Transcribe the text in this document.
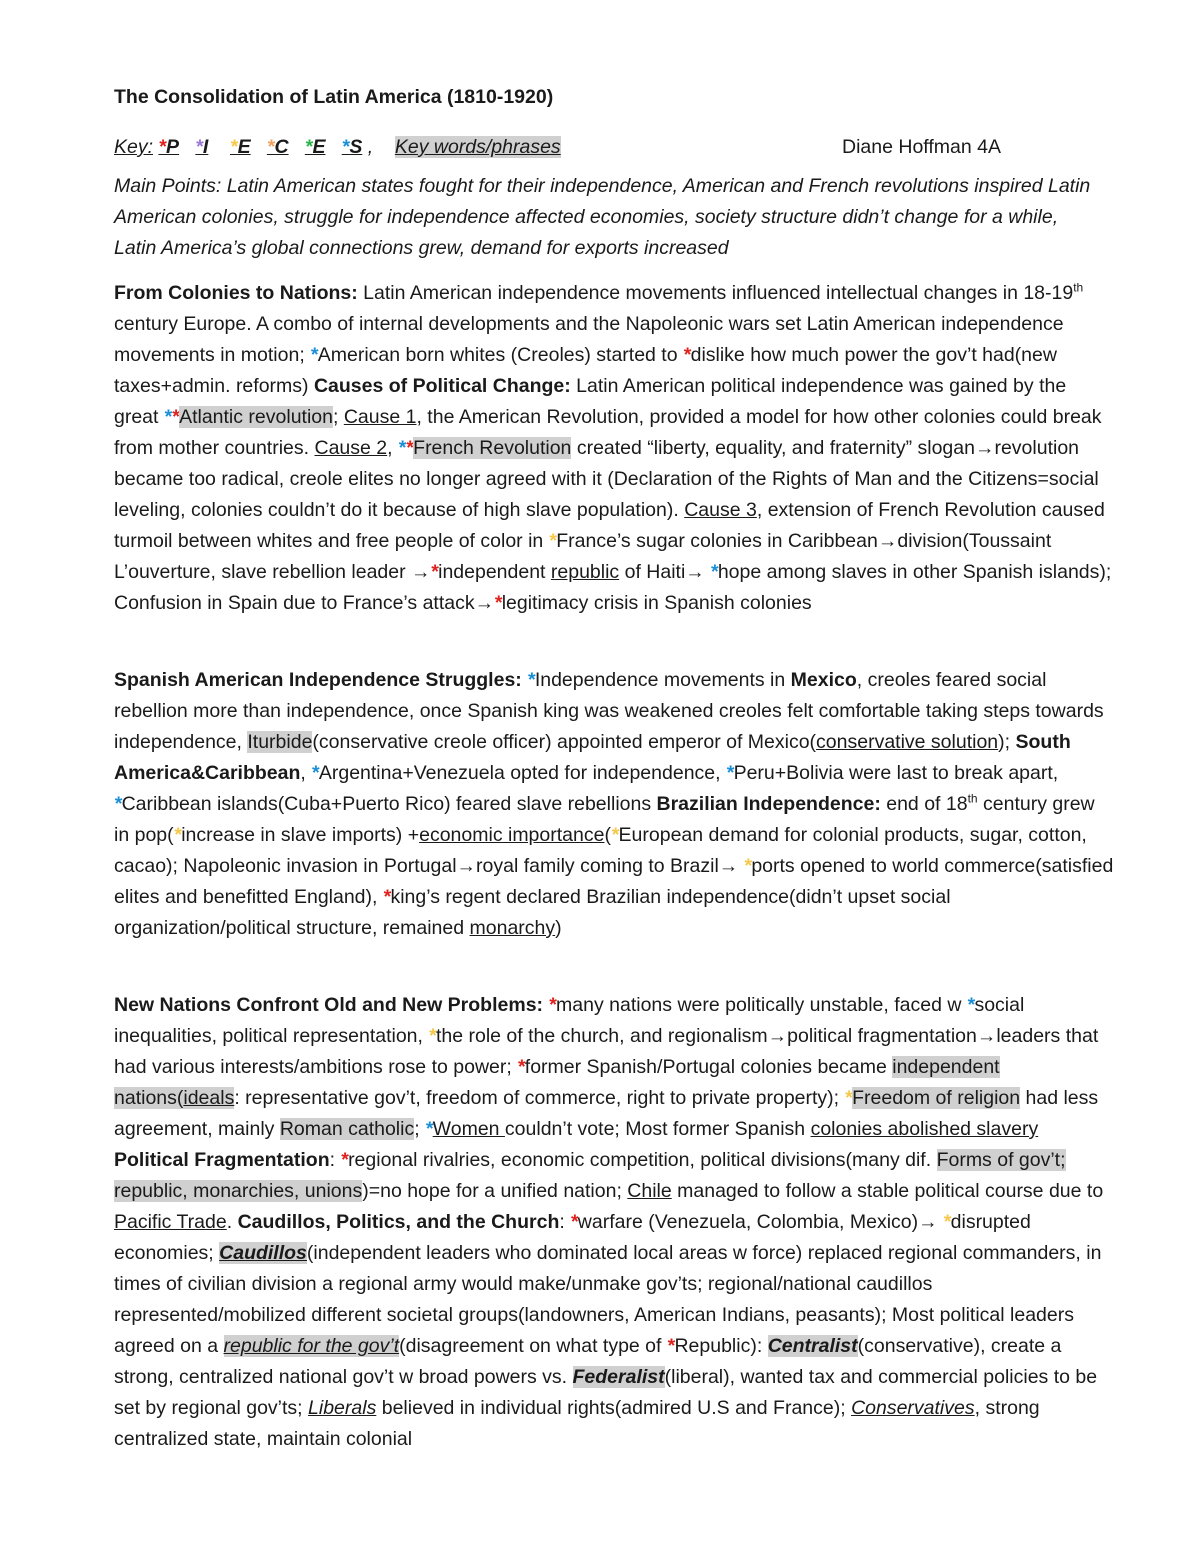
The Consolidation of Latin America (1810-1920)
Key: *P *I *E *C *E *S , Key words/phrases	Diane Hoffman 4A
Main Points: Latin American states fought for their independence, American and French revolutions inspired Latin American colonies, struggle for independence affected economies, society structure didn’t change for a while, Latin America’s global connections grew, demand for exports increased
From Colonies to Nations: Latin American independence movements influenced intellectual changes in 18-19th century Europe. A combo of internal developments and the Napoleonic wars set Latin American independence movements in motion; *American born whites (Creoles) started to *dislike how much power the gov’t had(new taxes+admin. reforms) Causes of Political Change: Latin American political independence was gained by the great **Atlantic revolution; Cause 1, the American Revolution, provided a model for how other colonies could break from mother countries. Cause 2, **French Revolution created “liberty, equality, and fraternity” slogan→revolution became too radical, creole elites no longer agreed with it (Declaration of the Rights of Man and the Citizens=social leveling, colonies couldn’t do it because of high slave population). Cause 3, extension of French Revolution caused turmoil between whites and free people of color in *France’s sugar colonies in Caribbean→division(Toussaint L’ouverture, slave rebellion leader →*independent republic of Haiti→ *hope among slaves in other Spanish islands); Confusion in Spain due to France’s attack→*legitimacy crisis in Spanish colonies
Spanish American Independence Struggles: *Independence movements in Mexico, creoles feared social rebellion more than independence, once Spanish king was weakened creoles felt comfortable taking steps towards independence, Iturbide(conservative creole officer) appointed emperor of Mexico(conservative solution); South America&Caribbean, *Argentina+Venezuela opted for independence, *Peru+Bolivia were last to break apart, *Caribbean islands(Cuba+Puerto Rico) feared slave rebellions Brazilian Independence: end of 18th century grew in pop(*increase in slave imports) +economic importance(*European demand for colonial products, sugar, cotton, cacao); Napoleonic invasion in Portugal→royal family coming to Brazil→ *ports opened to world commerce(satisfied elites and benefitted England), *king’s regent declared Brazilian independence(didn’t upset social organization/political structure, remained monarchy)
New Nations Confront Old and New Problems: *many nations were politically unstable, faced w *social inequalities, political representation, *the role of the church, and regionalism→political fragmentation→leaders that had various interests/ambitions rose to power; *former Spanish/Portugal colonies became independent nations(ideals: representative gov’t, freedom of commerce, right to private property); *Freedom of religion had less agreement, mainly Roman catholic; *Women couldn’t vote; Most former Spanish colonies abolished slavery Political Fragmentation: *regional rivalries, economic competition, political divisions(many dif. Forms of gov’t; republic, monarchies, unions)=no hope for a unified nation; Chile managed to follow a stable political course due to Pacific Trade. Caudillos, Politics, and the Church: *warfare (Venezuela, Colombia, Mexico)→ *disrupted economies; Caudillos(independent leaders who dominated local areas w force) replaced regional commanders, in times of civilian division a regional army would make/unmake gov’ts; regional/national caudillos represented/mobilized different societal groups(landowners, American Indians, peasants); Most political leaders agreed on a republic for the gov’t(disagreement on what type of *Republic): Centralist(conservative), create a strong, centralized national gov’t w broad powers vs. Federalist(liberal), wanted tax and commercial policies to be set by regional gov’ts; Liberals believed in individual rights(admired U.S and France); Conservatives, strong centralized state, maintain colonial
